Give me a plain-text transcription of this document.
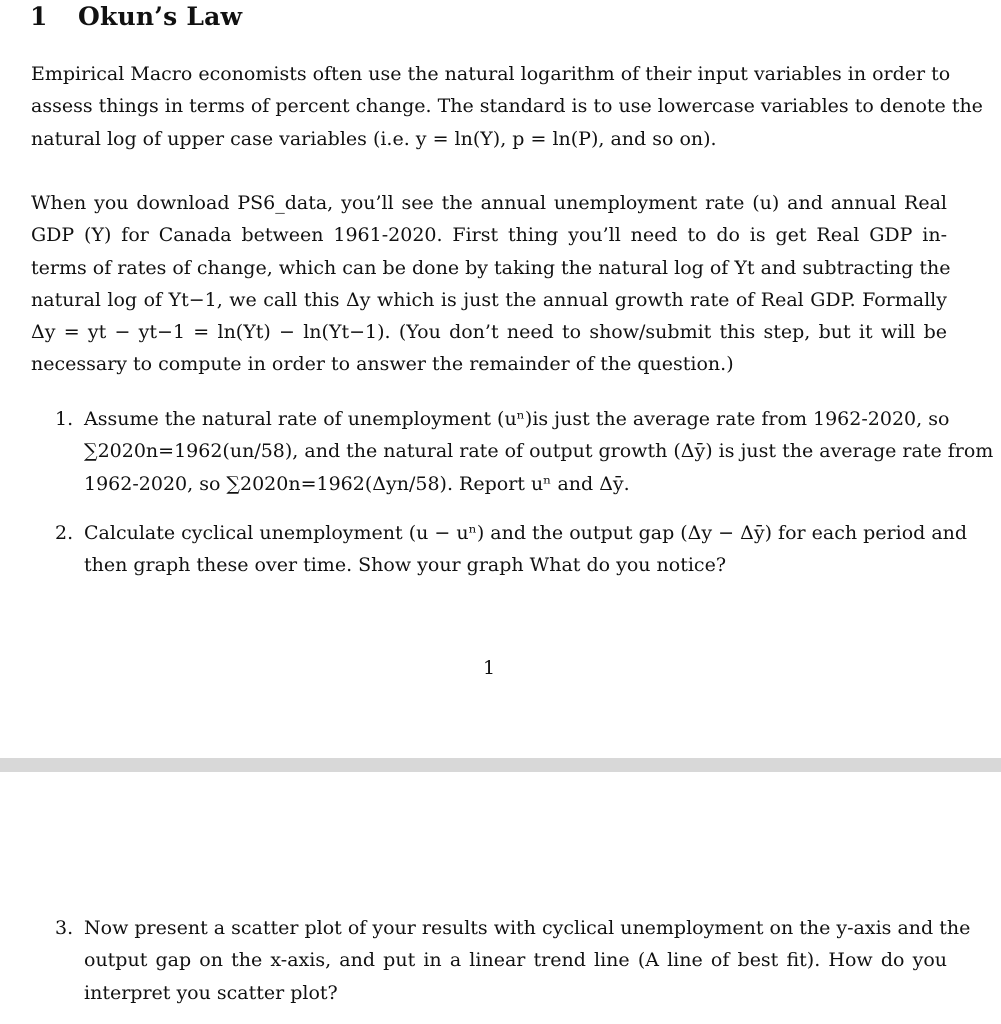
1 Okun’s Law
Empirical Macro economists often use the natural logarithm of their input variables in order to
assess things in terms of percent change. The standard is to use lowercase variables to denote the
natural log of upper case variables (i.e. y = ln(Y), p = ln(P), and so on).
When you download PS6_data, you’ll see the annual unemployment rate (u) and annual Real
GDP (Y) for Canada between 1961-2020. First thing you’ll need to do is get Real GDP in-
terms of rates of change, which can be done by taking the natural log of Yt and subtracting the
natural log of Yt−1, we call this Δy which is just the annual growth rate of Real GDP. Formally
Δy = yt − yt−1 = ln(Yt) − ln(Yt−1). (You don’t need to show/submit this step, but it will be
necessary to compute in order to answer the remainder of the question.)
1. Assume the natural rate of unemployment (uⁿ)is just the average rate from 1962-2020, so
∑2020n=1962(un/58), and the natural rate of output growth (Δȳ) is just the average rate from
1962-2020, so ∑2020n=1962(Δyn/58). Report uⁿ and Δȳ.
2. Calculate cyclical unemployment (u − uⁿ) and the output gap (Δy − Δȳ) for each period and
then graph these over time. Show your graph What do you notice?
1
3. Now present a scatter plot of your results with cyclical unemployment on the y-axis and the
output gap on the x-axis, and put in a linear trend line (A line of best fit). How do you
interpret you scatter plot?
